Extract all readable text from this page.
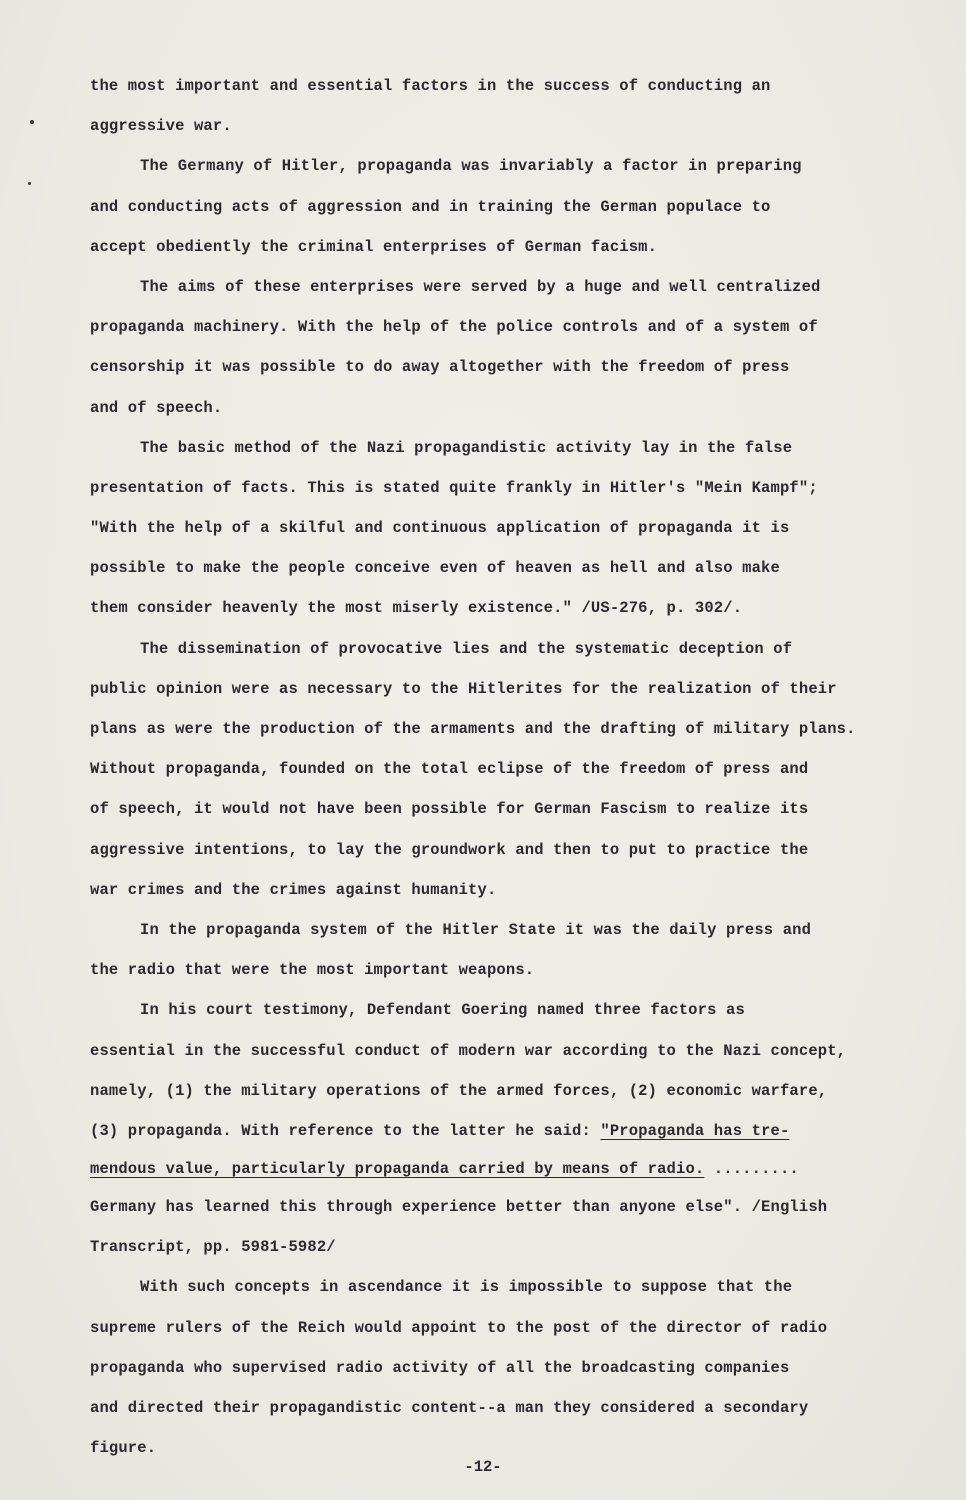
the most important and essential factors in the success of conducting an
aggressive war.
The Germany of Hitler, propaganda was invariably a factor in preparing
and conducting acts of aggression and in training the German populace to
accept obediently the criminal enterprises of German facism.
The aims of these enterprises were served by a huge and well centralized
propaganda machinery. With the help of the police controls and of a system of
censorship it was possible to do away altogether with the freedom of press
and of speech.
The basic method of the Nazi propagandistic activity lay in the false
presentation of facts. This is stated quite frankly in Hitler's "Mein Kampf";
"With the help of a skilful and continuous application of propaganda it is
possible to make the people conceive even of heaven as hell and also make
them consider heavenly the most miserly existence." /US-276, p. 302/.
The dissemination of provocative lies and the systematic deception of
public opinion were as necessary to the Hitlerites for the realization of their
plans as were the production of the armaments and the drafting of military plans.
Without propaganda, founded on the total eclipse of the freedom of press and
of speech, it would not have been possible for German Fascism to realize its
aggressive intentions, to lay the groundwork and then to put to practice the
war crimes and the crimes against humanity.
In the propaganda system of the Hitler State it was the daily press and
the radio that were the most important weapons.
In his court testimony, Defendant Goering named three factors as
essential in the successful conduct of modern war according to the Nazi concept,
namely, (1) the military operations of the armed forces, (2) economic warfare,
(3) propaganda. With reference to the latter he said: "Propaganda has tre-
mendous value, particularly propaganda carried by means of radio. .........
Germany has learned this through experience better than anyone else". /English
Transcript, pp. 5981-5982/
With such concepts in ascendance it is impossible to suppose that the
supreme rulers of the Reich would appoint to the post of the director of radio
propaganda who supervised radio activity of all the broadcasting companies
and directed their propagandistic content--a man they considered a secondary
figure.
-12-
